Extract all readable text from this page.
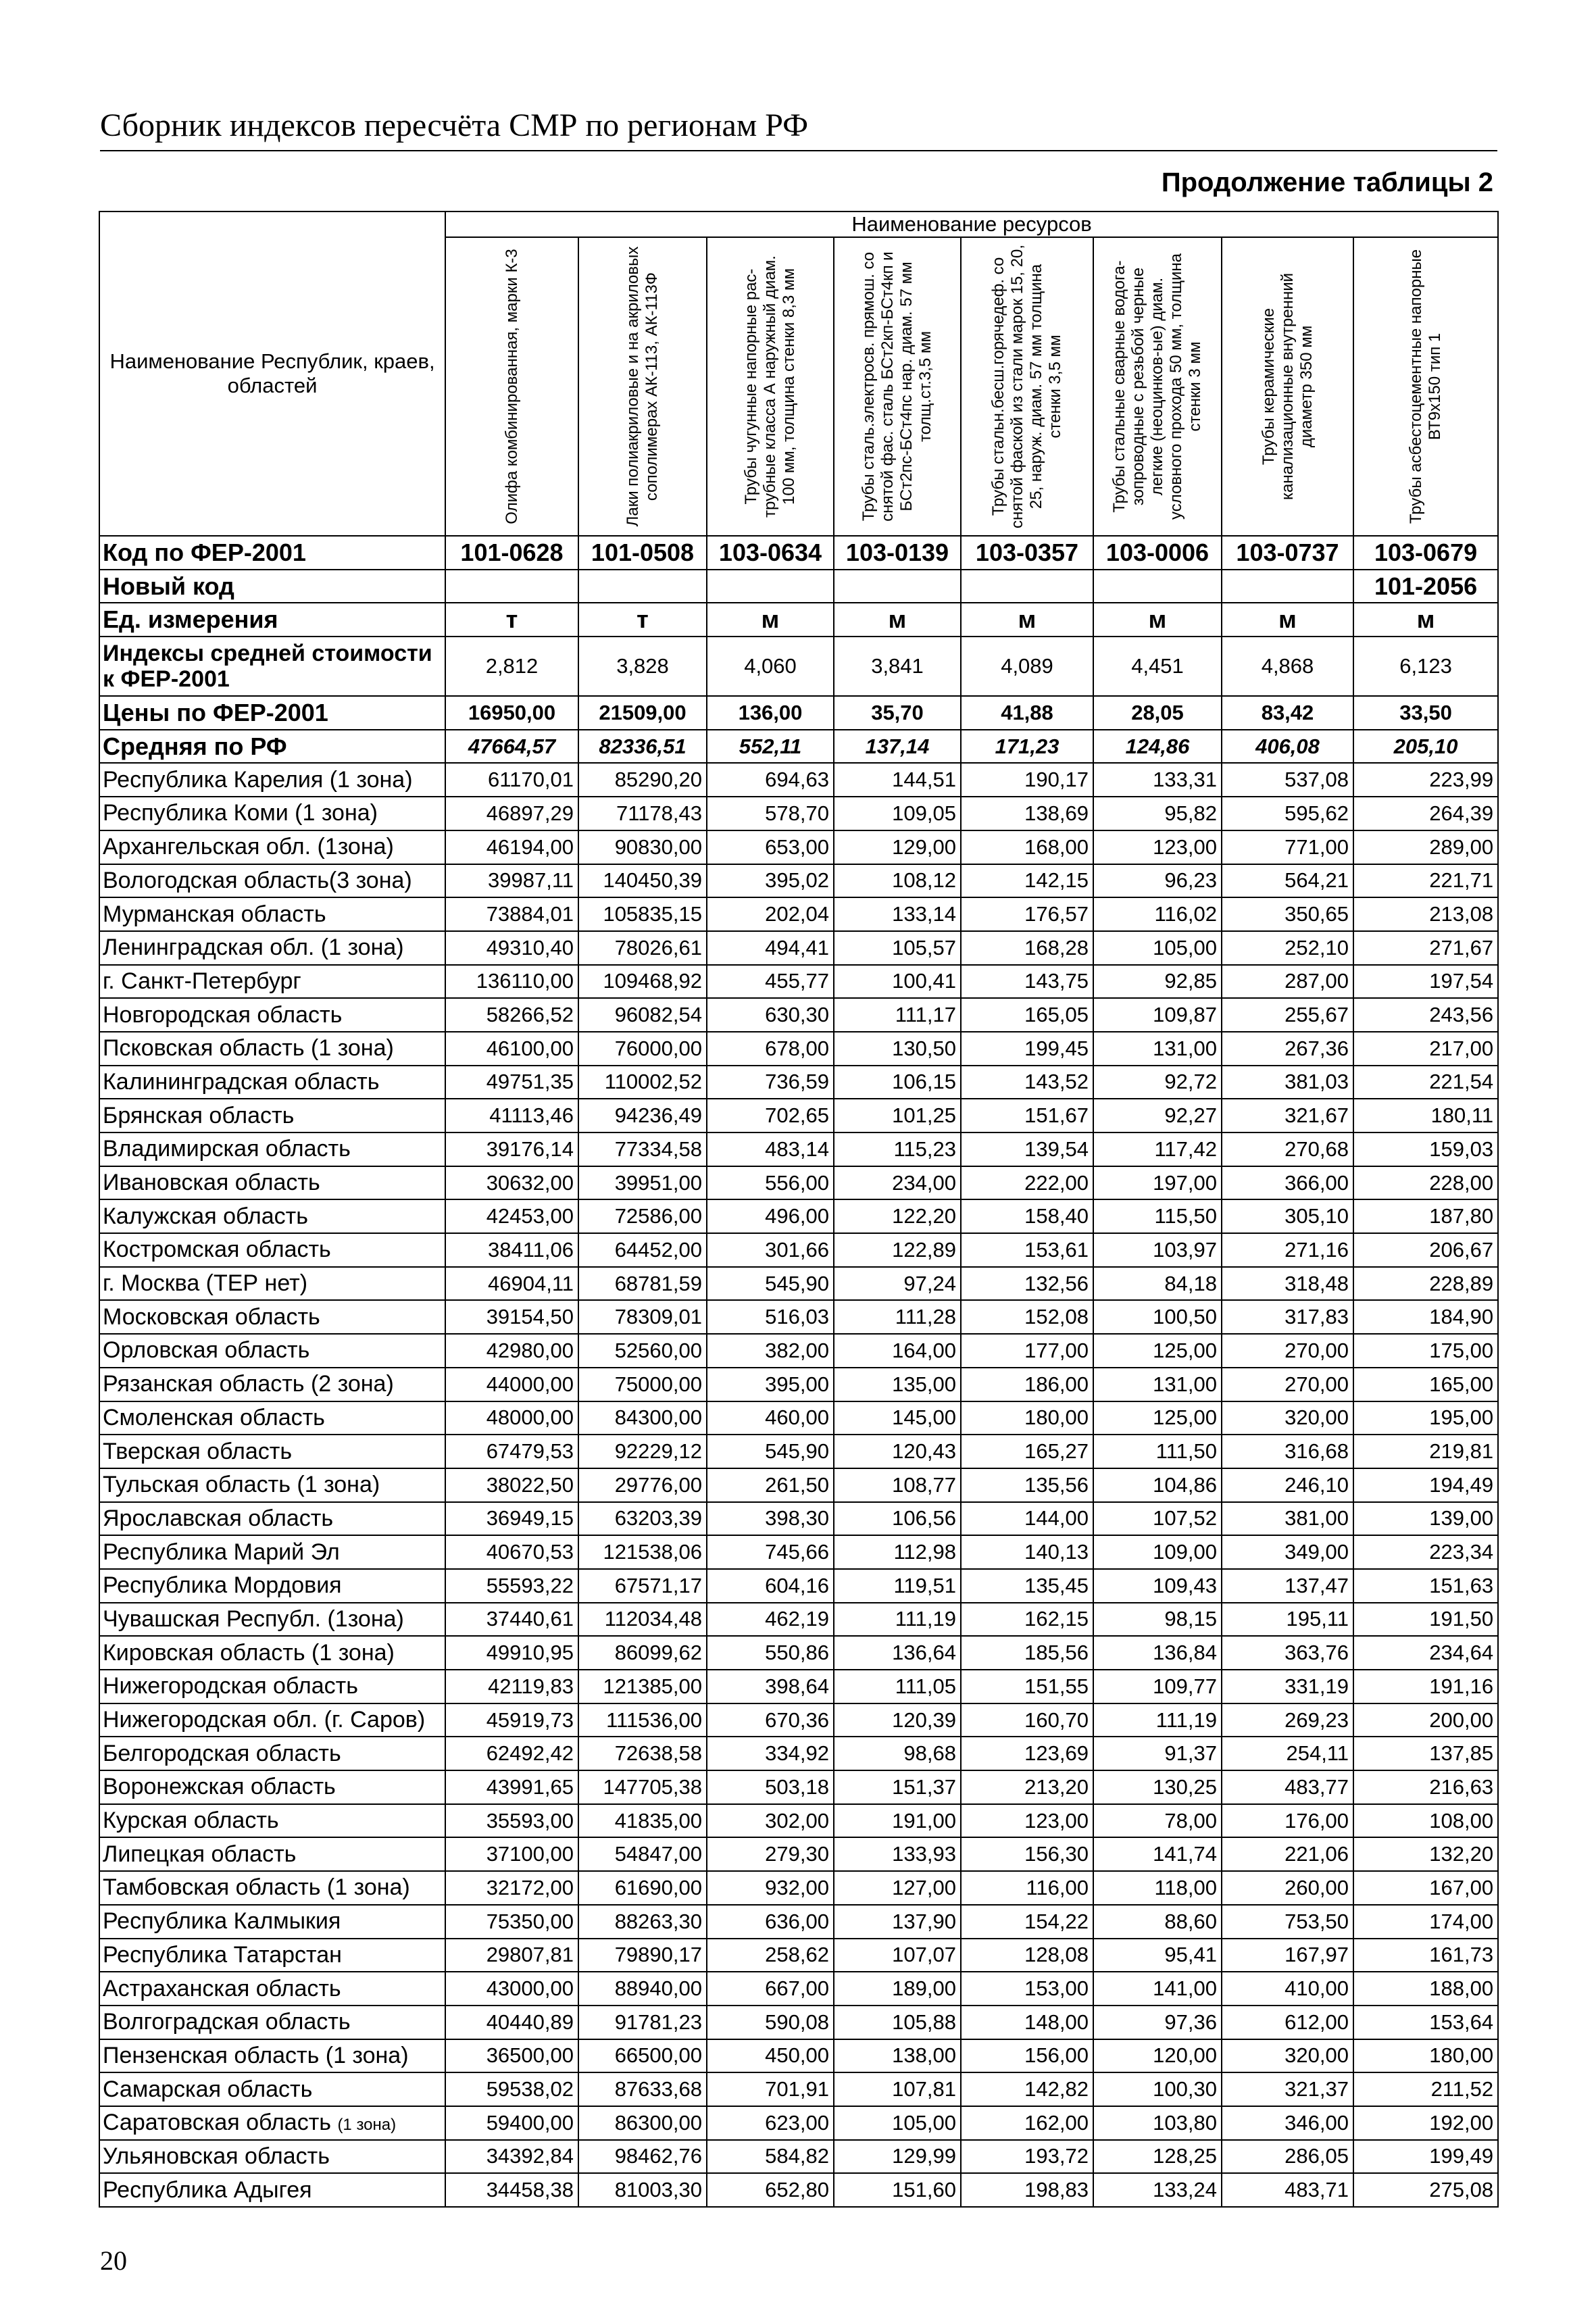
Сборник индексов пересчёта СМР по регионам РФ
Продолжение таблицы 2
Наименование Республик, краев, областей	Наименование ресурсов							

	Олифа комбинированная, марки К-3	Лаки полиакриловые и на акриловых сополимерах АК-113, АК-113Ф	Трубы чугунные напорные рас-трубные класса А наружный диам. 100 мм, толщина стенки 8,3 мм	Трубы сталь.электросв. прямош. со снятой фас. сталь БСт2кп-БСт4кп и БСт2пс-БСт4пс нар. диам. 57 мм толщ.ст.3,5 мм	Трубы стальн.бесш.горячедеф. со снятой фаской из стали марок 15, 20, 25, наруж. диам. 57 мм толщина стенки 3,5 мм	Трубы стальные сварные водога-зопроводные с резьбой черные легкие (неоцинков-ые) диам. условного прохода 50 мм, толщина стенки 3 мм	Трубы керамические канализационные внутренний диаметр 350 мм	Трубы асбестоцементные напорные ВТ9х150 тип 1

Код по ФЕР-2001	101-0628	101-0508	103-0634	103-0139	103-0357	103-0006	103-0737	103-0679
Новый код								101-2056
Ед. измерения	т	т	м	м	м	м	м	м
Индексы средней стоимости к ФЕР-2001	2,812	3,828	4,060	3,841	4,089	4,451	4,868	6,123
Цены по ФЕР-2001	16950,00	21509,00	136,00	35,70	41,88	28,05	83,42	33,50
Средняя по РФ	47664,57	82336,51	552,11	137,14	171,23	124,86	406,08	205,10
Республика Карелия (1 зона)	61170,01	85290,20	694,63	144,51	190,17	133,31	537,08	223,99
Республика Коми (1 зона)	46897,29	71178,43	578,70	109,05	138,69	95,82	595,62	264,39
Архангельская обл. (1зона)	46194,00	90830,00	653,00	129,00	168,00	123,00	771,00	289,00
Вологодская область(3 зона)	39987,11	140450,39	395,02	108,12	142,15	96,23	564,21	221,71
Мурманская область	73884,01	105835,15	202,04	133,14	176,57	116,02	350,65	213,08
Ленинградская обл. (1 зона)	49310,40	78026,61	494,41	105,57	168,28	105,00	252,10	271,67
г. Санкт-Петербург	136110,00	109468,92	455,77	100,41	143,75	92,85	287,00	197,54
Новгородская область	58266,52	96082,54	630,30	111,17	165,05	109,87	255,67	243,56
Псковская область (1 зона)	46100,00	76000,00	678,00	130,50	199,45	131,00	267,36	217,00
Калининградская область	49751,35	110002,52	736,59	106,15	143,52	92,72	381,03	221,54
Брянская область	41113,46	94236,49	702,65	101,25	151,67	92,27	321,67	180,11
Владимирская область	39176,14	77334,58	483,14	115,23	139,54	117,42	270,68	159,03
Ивановская область	30632,00	39951,00	556,00	234,00	222,00	197,00	366,00	228,00
Калужская область	42453,00	72586,00	496,00	122,20	158,40	115,50	305,10	187,80
Костромская область	38411,06	64452,00	301,66	122,89	153,61	103,97	271,16	206,67
г. Москва (ТЕР нет)	46904,11	68781,59	545,90	97,24	132,56	84,18	318,48	228,89
Московская область	39154,50	78309,01	516,03	111,28	152,08	100,50	317,83	184,90
Орловская область	42980,00	52560,00	382,00	164,00	177,00	125,00	270,00	175,00
Рязанская область (2 зона)	44000,00	75000,00	395,00	135,00	186,00	131,00	270,00	165,00
Смоленская область	48000,00	84300,00	460,00	145,00	180,00	125,00	320,00	195,00
Тверская область	67479,53	92229,12	545,90	120,43	165,27	111,50	316,68	219,81
Тульская область (1 зона)	38022,50	29776,00	261,50	108,77	135,56	104,86	246,10	194,49
Ярославская область	36949,15	63203,39	398,30	106,56	144,00	107,52	381,00	139,00
Республика Марий Эл	40670,53	121538,06	745,66	112,98	140,13	109,00	349,00	223,34
Республика Мордовия	55593,22	67571,17	604,16	119,51	135,45	109,43	137,47	151,63
Чувашская Республ. (1зона)	37440,61	112034,48	462,19	111,19	162,15	98,15	195,11	191,50
Кировская область (1 зона)	49910,95	86099,62	550,86	136,64	185,56	136,84	363,76	234,64
Нижегородская область	42119,83	121385,00	398,64	111,05	151,55	109,77	331,19	191,16
Нижегородская обл. (г. Саров)	45919,73	111536,00	670,36	120,39	160,70	111,19	269,23	200,00
Белгородская область	62492,42	72638,58	334,92	98,68	123,69	91,37	254,11	137,85
Воронежская область	43991,65	147705,38	503,18	151,37	213,20	130,25	483,77	216,63
Курская область	35593,00	41835,00	302,00	191,00	123,00	78,00	176,00	108,00
Липецкая область	37100,00	54847,00	279,30	133,93	156,30	141,74	221,06	132,20
Тамбовская область (1 зона)	32172,00	61690,00	932,00	127,00	116,00	118,00	260,00	167,00
Республика Калмыкия	75350,00	88263,30	636,00	137,90	154,22	88,60	753,50	174,00
Республика Татарстан	29807,81	79890,17	258,62	107,07	128,08	95,41	167,97	161,73
Астраханская область	43000,00	88940,00	667,00	189,00	153,00	141,00	410,00	188,00
Волгоградская область	40440,89	91781,23	590,08	105,88	148,00	97,36	612,00	153,64
Пензенская область (1 зона)	36500,00	66500,00	450,00	138,00	156,00	120,00	320,00	180,00
Самарская область	59538,02	87633,68	701,91	107,81	142,82	100,30	321,37	211,52
Саратовская область (1 зона)	59400,00	86300,00	623,00	105,00	162,00	103,80	346,00	192,00
Ульяновская область	34392,84	98462,76	584,82	129,99	193,72	128,25	286,05	199,49
Республика Адыгея	34458,38	81003,30	652,80	151,60	198,83	133,24	483,71	275,08
20
